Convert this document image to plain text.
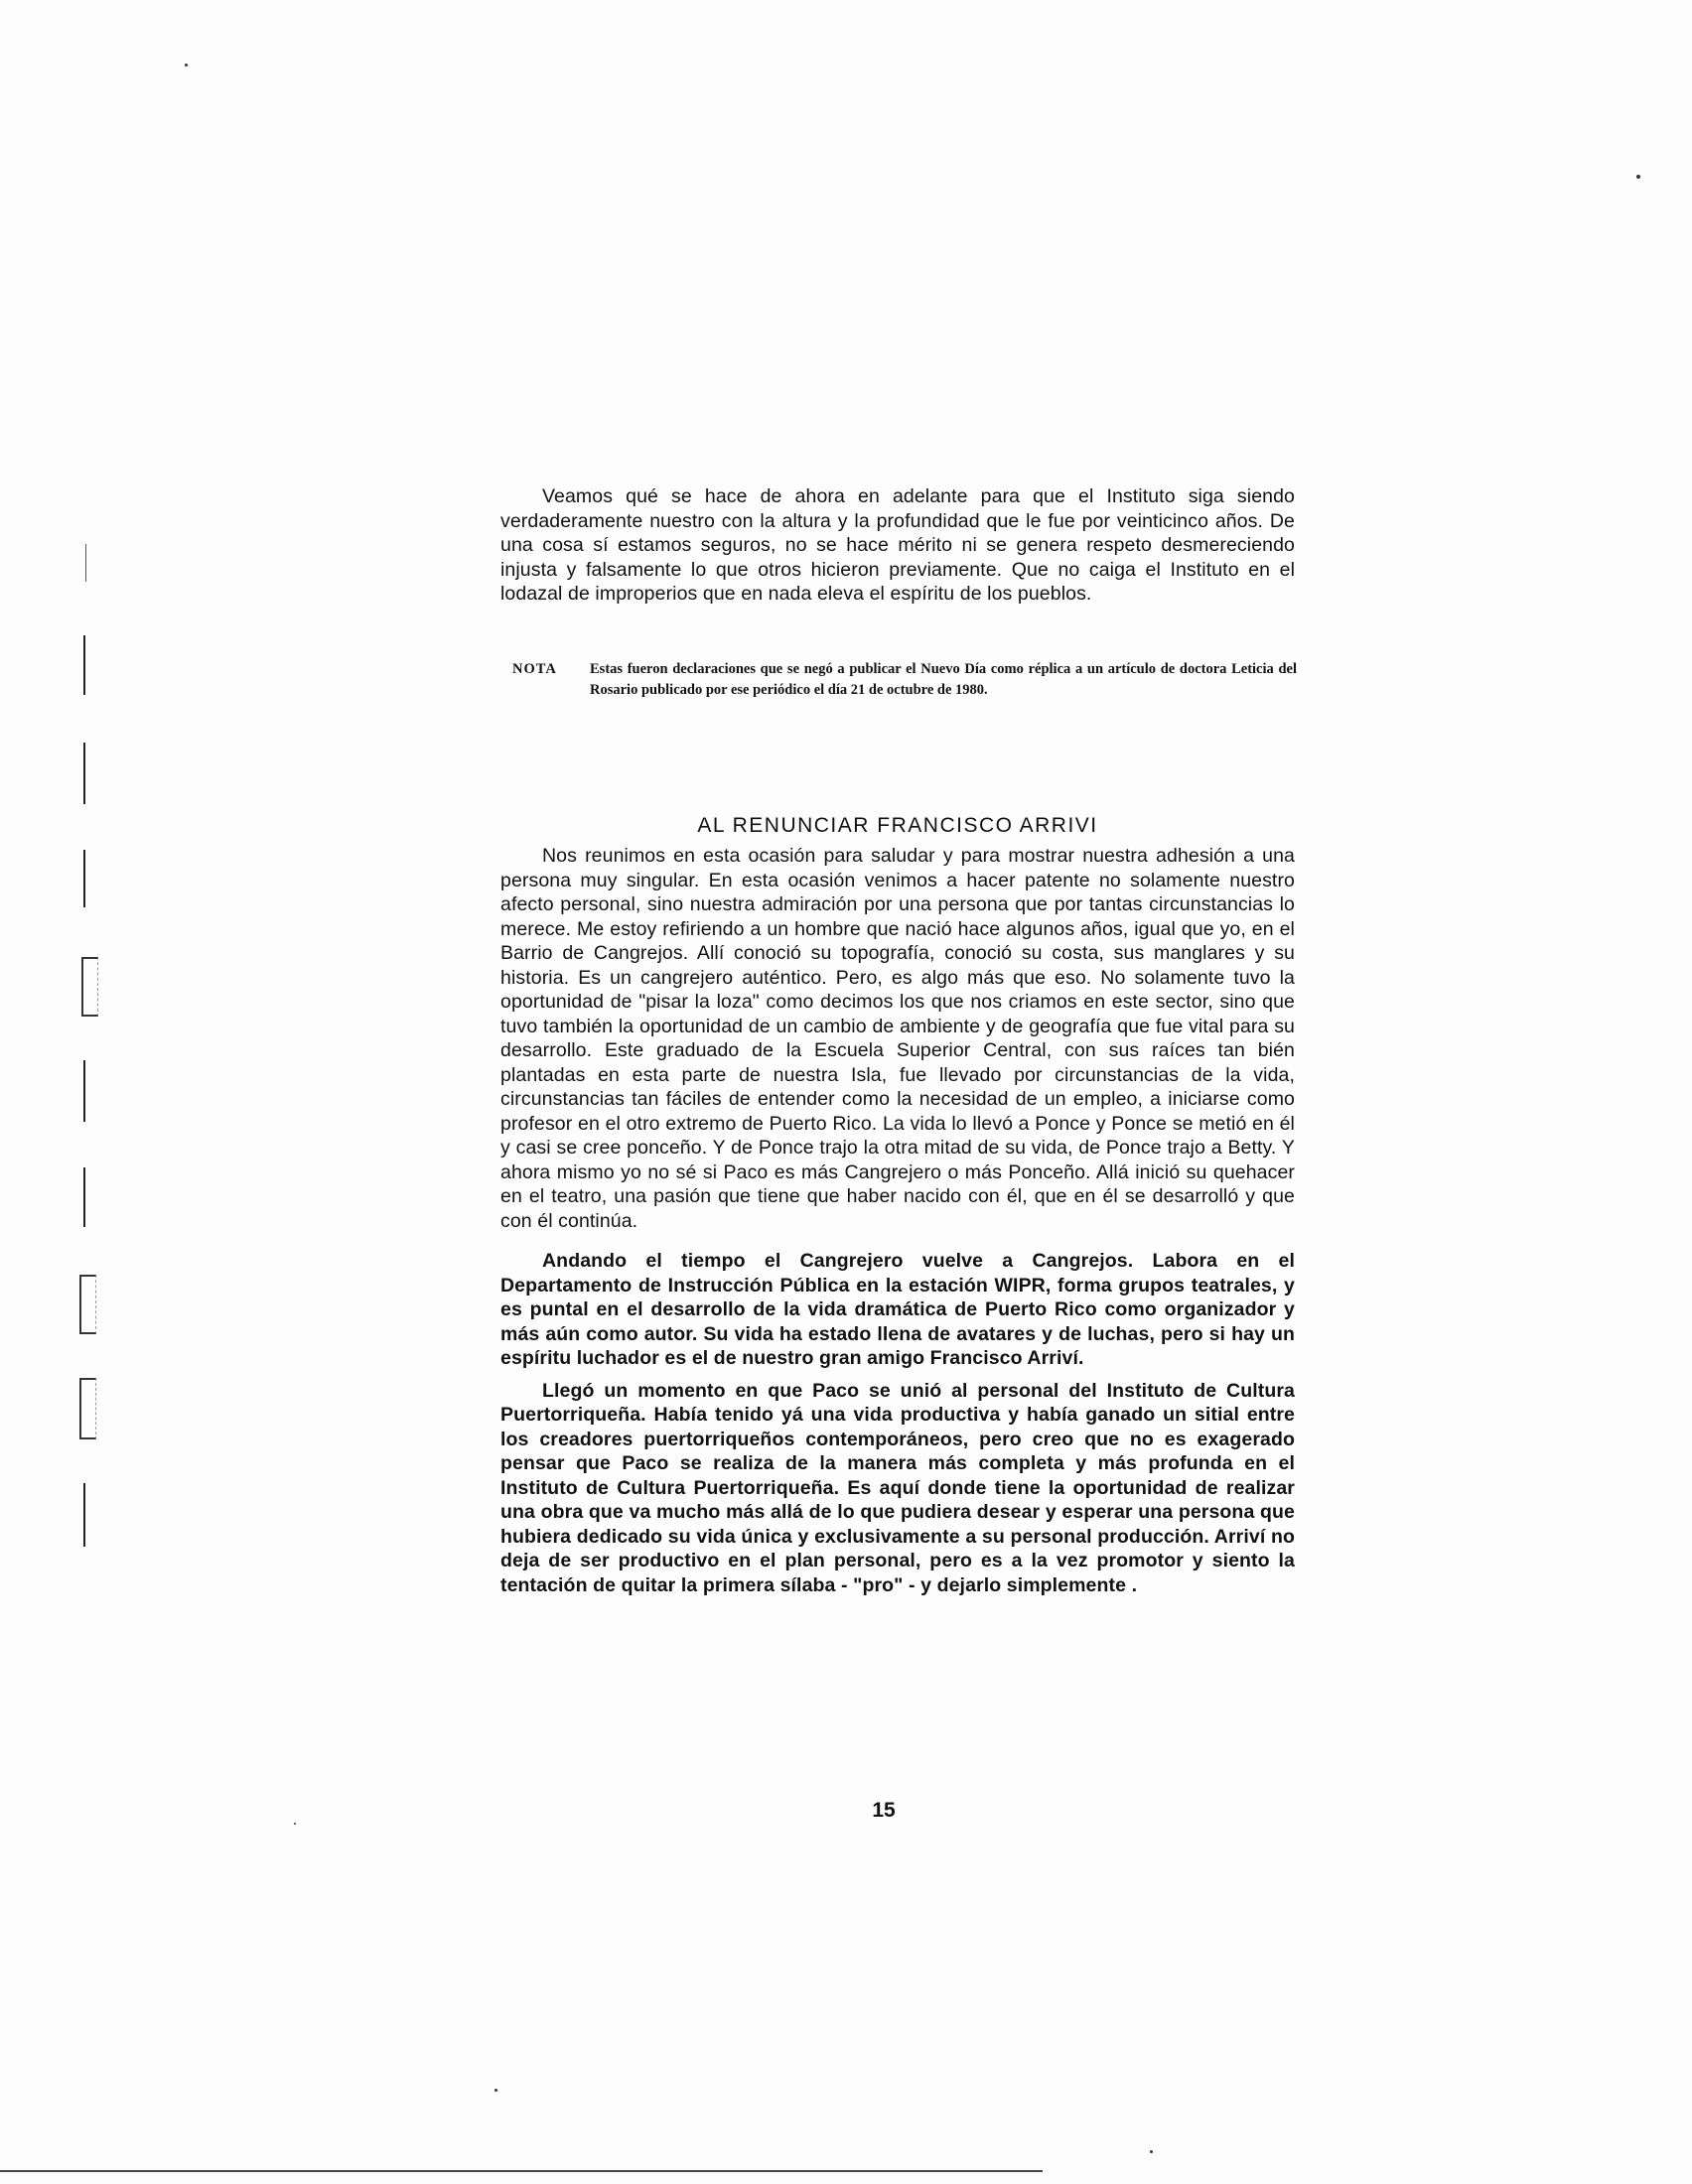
Veamos qué se hace de ahora en adelante para que el Instituto siga siendo verdaderamente nuestro con la altura y la profundidad que le fue por veinticinco años. De una cosa sí estamos seguros, no se hace mérito ni se genera respeto desmereciendo injusta y falsamente lo que otros hicieron previamente. Que no caiga el Instituto en el lodazal de improperios que en nada eleva el espíritu de los pueblos.

NOTA	Estas fueron declaraciones que se negó a publicar el Nuevo Día como réplica a un artículo de doctora Leticia del Rosario publicado por ese periódico el día 21 de octubre de 1980.
AL RENUNCIAR FRANCISCO ARRIVI

Nos reunimos en esta ocasión para saludar y para mostrar nuestra adhesión a una persona muy singular. En esta ocasión venimos a hacer patente no solamente nuestro afecto personal, sino nuestra admiración por una persona que por tantas circunstancias lo merece. Me estoy refiriendo a un hombre que nació hace algunos años, igual que yo, en el Barrio de Cangrejos. Allí conoció su topografía, conoció su costa, sus manglares y su historia. Es un cangrejero auténtico. Pero, es algo más que eso. No solamente tuvo la oportunidad de "pisar la loza" como decimos los que nos criamos en este sector, sino que tuvo también la oportunidad de un cambio de ambiente y de geografía que fue vital para su desarrollo. Este graduado de la Escuela Superior Central, con sus raíces tan bién plantadas en esta parte de nuestra Isla, fue llevado por circunstancias de la vida, circunstancias tan fáciles de entender como la necesidad de un empleo, a iniciarse como profesor en el otro extremo de Puerto Rico. La vida lo llevó a Ponce y Ponce se metió en él y casi se cree ponceño. Y de Ponce trajo la otra mitad de su vida, de Ponce trajo a Betty. Y ahora mismo yo no sé si Paco es más Cangrejero o más Ponceño. Allá inició su quehacer en el teatro, una pasión que tiene que haber nacido con él, que en él se desarrolló y que con él continúa.

Andando el tiempo el Cangrejero vuelve a Cangrejos. Labora en el Departamento de Instrucción Pública en la estación WIPR, forma grupos teatrales, y es puntal en el desarrollo de la vida dramática de Puerto Rico como organizador y más aún como autor. Su vida ha estado llena de avatares y de luchas, pero si hay un espíritu luchador es el de nuestro gran amigo Francisco Arriví.

Llegó un momento en que Paco se unió al personal del Instituto de Cultura Puertorriqueña. Había tenido yá una vida productiva y había ganado un sitial entre los creadores puertorriqueños contemporáneos, pero creo que no es exagerado pensar que Paco se realiza de la manera más completa y más profunda en el Instituto de Cultura Puertorriqueña. Es aquí donde tiene la oportunidad de realizar una obra que va mucho más allá de lo que pudiera desear y esperar una persona que hubiera dedicado su vida única y exclusivamente a su personal producción. Arriví no deja de ser productivo en el plan personal, pero es a la vez promotor y siento la tentación de quitar la primera sílaba - "pro" - y dejarlo simplemente .

15
